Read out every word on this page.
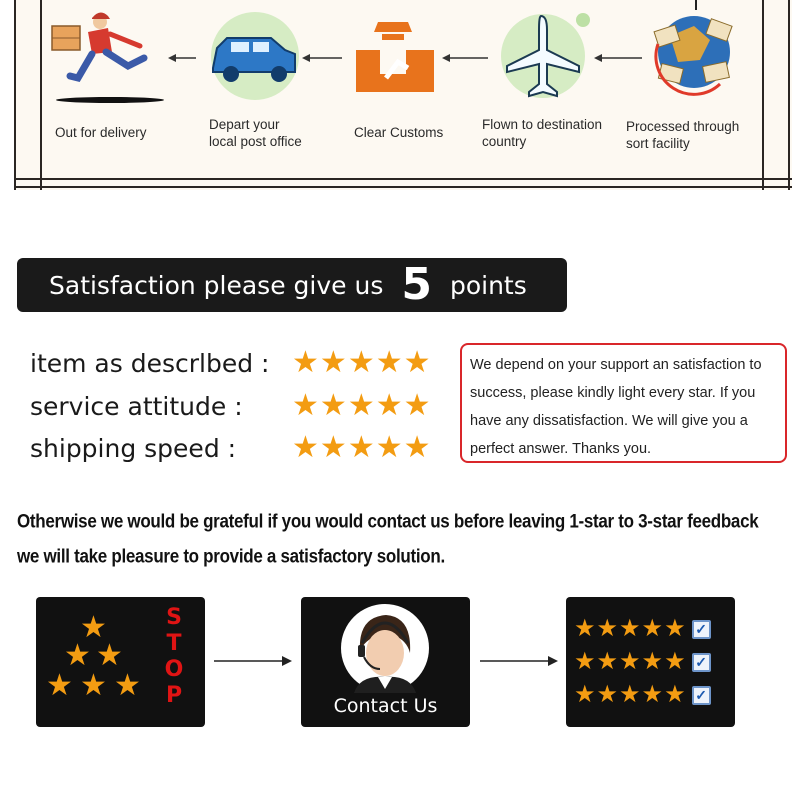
Out for delivery
Depart your
local post office
Clear Customs
Flown to destination
country
Processed through
sort facility
Satisfaction please give us 5 points
item as descrlbed : ★ ★ ★ ★ ★
service attitude :	★ ★ ★ ★ ★
shipping speed :	★ ★ ★ ★ ★
We depend on your support an satisfaction to success, please kindly light every star. If you have any dissatisfaction. We will give you a perfect answer. Thanks you.
Otherwise we would be grateful if you would contact us before leaving 1-star to 3-star feedback
we will take pleasure to provide a satisfactory solution.
★
★ ★
★ ★ ★
S
T
O
P	Contact Us
★ ★ ★ ★ ★ ✓
★ ★ ★ ★ ★ ✓
★ ★ ★ ★ ★ ✓
